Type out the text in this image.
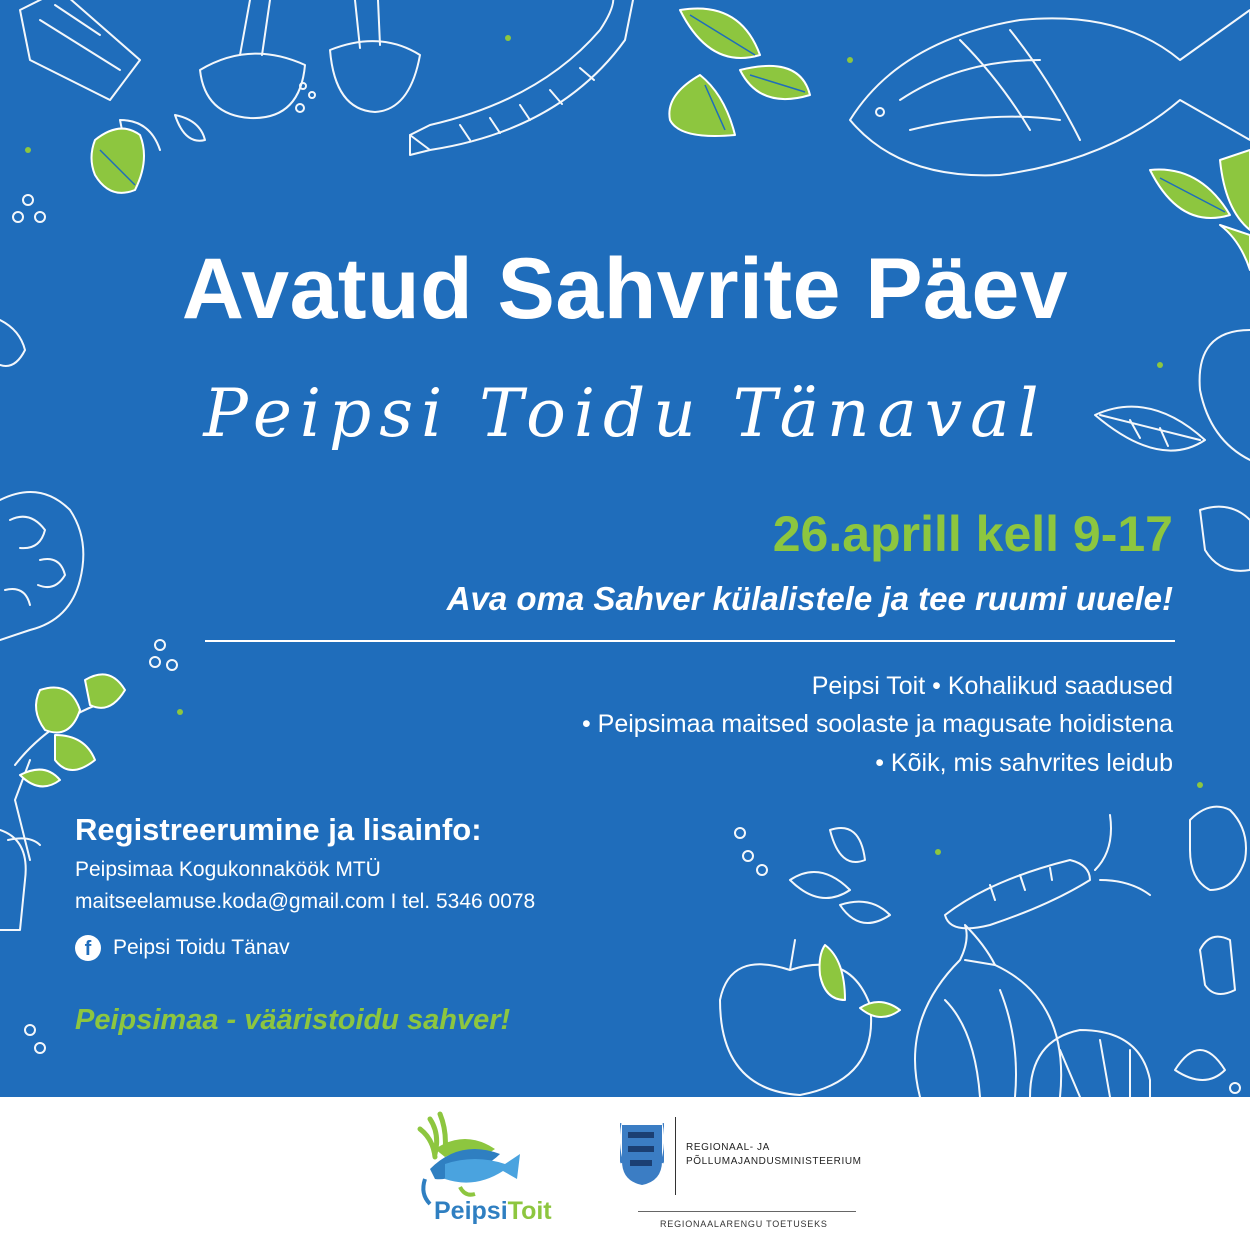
Avatud Sahvrite Päev

Peipsi Toidu Tänaval

26.aprill kell 9-17

Ava oma Sahver külalistele ja tee ruumi uuele!

Peipsi Toit • Kohalikud saadused

• Peipsimaa maitsed soolaste ja magusate hoidistena

• Kõik, mis sahvrites leidub

Registreerumine ja lisainfo:

Peipsimaa Kogukonnaköök MTÜ

maitseelamuse.koda@gmail.com I tel. 5346 0078

f	Peipsi Toidu Tänav

Peipsimaa - vääristoidu sahver!

PeipsiToit
REGIONAAL- JA
PÕLLUMAJANDUSMINISTEERIUM
REGIONAALARENGU TOETUSEKS
